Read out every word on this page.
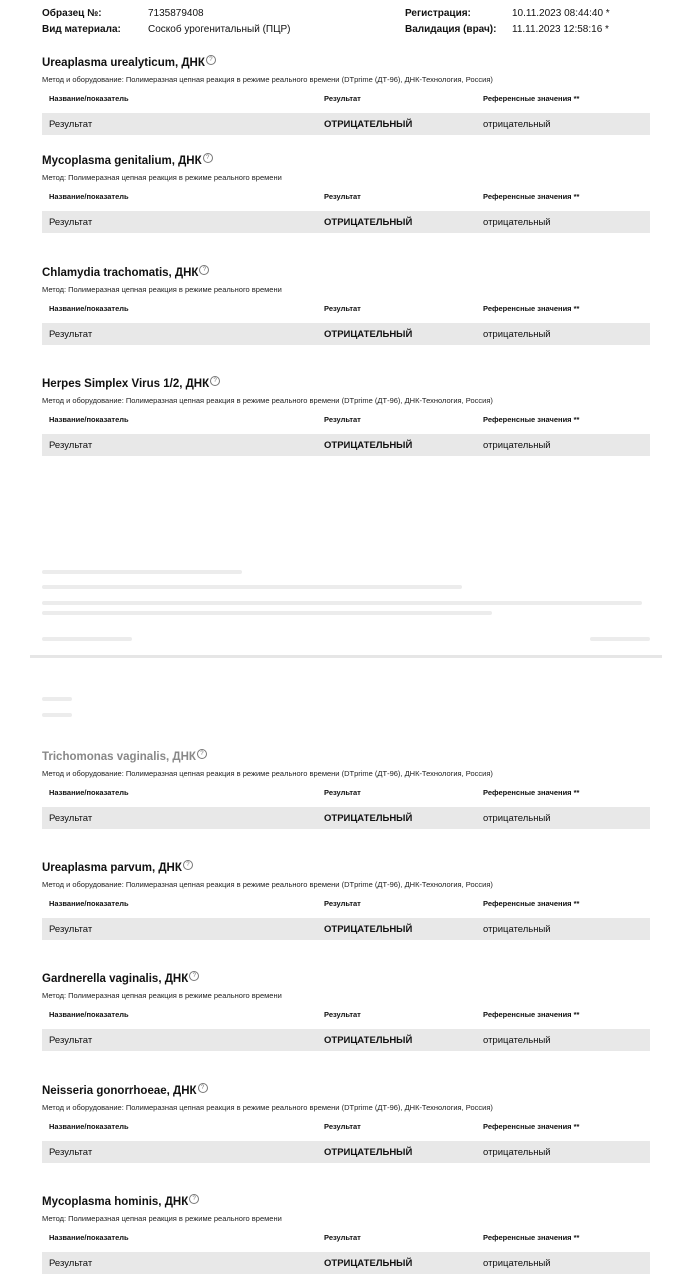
Образец №:	7135879408
Вид материала:	Соскоб урогенитальный (ПЦР)
Регистрация:	10.11.2023 08:44:40 *
Валидация (врач): 11.11.2023 12:58:16 *
Ureaplasma urealyticum, ДНК ?
Метод и оборудование: Полимеразная цепная реакция в режиме реального времени (DTprime (ДТ-96), ДНК-Технология, Россия)
Название/показатель	Результат	Референсные значения **
Результат	ОТРИЦАТЕЛЬНЫЙ	отрицательный
Mycoplasma genitalium, ДНК ?
Метод: Полимеразная цепная реакция в режиме реального времени
Название/показатель	Результат	Референсные значения **
Результат	ОТРИЦАТЕЛЬНЫЙ	отрицательный
Chlamydia trachomatis, ДНК ?
Метод: Полимеразная цепная реакция в режиме реального времени
Название/показатель	Результат	Референсные значения **
Результат	ОТРИЦАТЕЛЬНЫЙ	отрицательный
Herpes Simplex Virus 1/2, ДНК ?
Метод и оборудование: Полимеразная цепная реакция в режиме реального времени (DTprime (ДТ-96), ДНК-Технология, Россия)
Название/показатель	Результат	Референсные значения **
Результат	ОТРИЦАТЕЛЬНЫЙ	отрицательный
Trichomonas vaginalis, ДНК ?
Метод и оборудование: Полимеразная цепная реакция в режиме реального времени (DTprime (ДТ-96), ДНК-Технология, Россия)
Название/показатель	Результат	Референсные значения **
Результат	ОТРИЦАТЕЛЬНЫЙ	отрицательный
Ureaplasma parvum, ДНК ?
Метод и оборудование: Полимеразная цепная реакция в режиме реального времени (DTprime (ДТ-96), ДНК-Технология, Россия)
Название/показатель	Результат	Референсные значения **
Результат	ОТРИЦАТЕЛЬНЫЙ	отрицательный
Gardnerella vaginalis, ДНК ?
Метод: Полимеразная цепная реакция в режиме реального времени
Название/показатель	Результат	Референсные значения **
Результат	ОТРИЦАТЕЛЬНЫЙ	отрицательный
Neisseria gonorrhoeae, ДНК ?
Метод и оборудование: Полимеразная цепная реакция в режиме реального времени (DTprime (ДТ-96), ДНК-Технология, Россия)
Название/показатель	Результат	Референсные значения **
Результат	ОТРИЦАТЕЛЬНЫЙ	отрицательный
Mycoplasma hominis, ДНК ?
Метод: Полимеразная цепная реакция в режиме реального времени
Название/показатель	Результат	Референсные значения **
Результат	ОТРИЦАТЕЛЬНЫЙ	отрицательный
